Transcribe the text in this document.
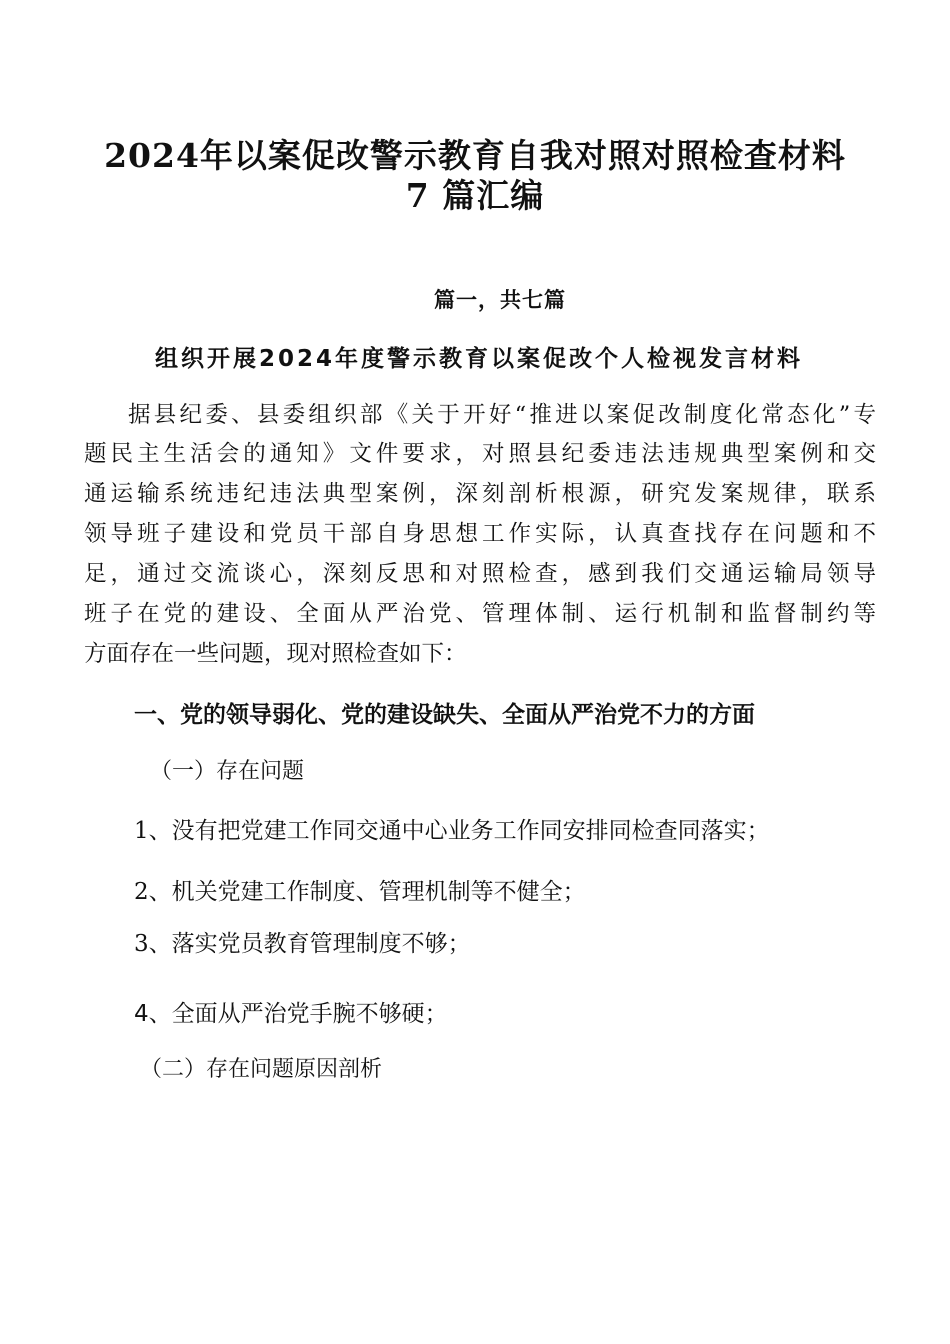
2024年以案促改警示教育自我对照对照检查材料
7 篇汇编
篇一，共七篇
组织开展2024年度警示教育以案促改个人检视发言材料
据县纪委、县委组织部《关于开好“推进以案促改制度化常态化”专
题民主生活会的通知》文件要求，对照县纪委违法违规典型案例和交
通运输系统违纪违法典型案例，深刻剖析根源，研究发案规律，联系
领导班子建设和党员干部自身思想工作实际，认真查找存在问题和不
足，通过交流谈心，深刻反思和对照检查，感到我们交通运输局领导
班子在党的建设、全面从严治党、管理体制、运行机制和监督制约等
方面存在一些问题，现对照检查如下：
一、党的领导弱化、党的建设缺失、全面从严治党不力的方面
（一）存在问题
1、没有把党建工作同交通中心业务工作同安排同检查同落实；
2、机关党建工作制度、管理机制等不健全；
3、落实党员教育管理制度不够；
4、全面从严治党手腕不够硬；
（二）存在问题原因剖析
